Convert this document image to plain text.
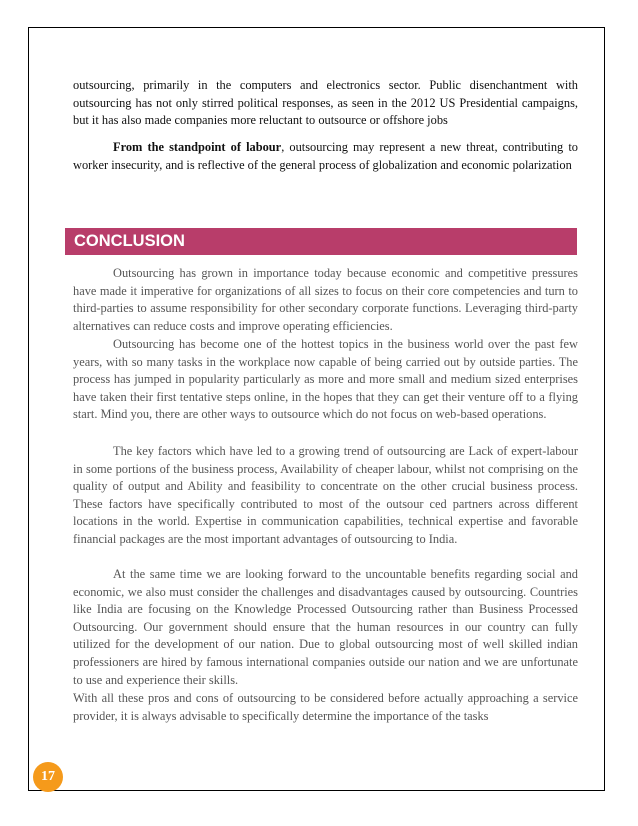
outsourcing, primarily in the computers and electronics sector. Public disenchantment with outsourcing has not only stirred political responses, as seen in the 2012 US Presidential campaigns, but it has also made companies more reluctant to outsource or offshore jobs

From the standpoint of labour, outsourcing may represent a new threat, contributing to worker insecurity, and is reflective of the general process of globalization and economic polarization

CONCLUSION

Outsourcing has grown in importance today because economic and competitive pressures have made it imperative for organizations of all sizes to focus on their core competencies and turn to third-parties to assume responsibility for other secondary corporate functions. Leveraging third-party alternatives can reduce costs and improve operating efficiencies.

Outsourcing has become one of the hottest topics in the business world over the past few years, with so many tasks in the workplace now capable of being carried out by outside parties. The process has jumped in popularity particularly as more and more small and medium sized enterprises have taken their first tentative steps online, in the hopes that they can get their venture off to a flying start. Mind you, there are other ways to outsource which do not focus on web-based operations.

The key factors which have led to a growing trend of outsourcing are Lack of expert-labour in some portions of the business process, Availability of cheaper labour, whilst not comprising on the quality of output and Ability and feasibility to concentrate on the other crucial business process. These factors have specifically contributed to most of the outsour ced partners across different locations in the world. Expertise in communication capabilities, technical expertise and favorable financial packages are the most important advantages of outsourcing to India.

At the same time we are looking forward to the uncountable benefits regarding social and economic, we also must consider the challenges and disadvantages caused by outsourcing. Countries like India are focusing on the Knowledge Processed Outsourcing rather than Business Processed Outsourcing. Our government should ensure that the human resources in our country can fully utilized for the development of our nation. Due to global outsourcing most of well skilled indian professioners are hired by famous international companies outside our nation and we are unfortunate to use and experience their skills.

With all these pros and cons of outsourcing to be considered before actually approaching a service provider, it is always advisable to specifically determine the importance of the tasks

17
